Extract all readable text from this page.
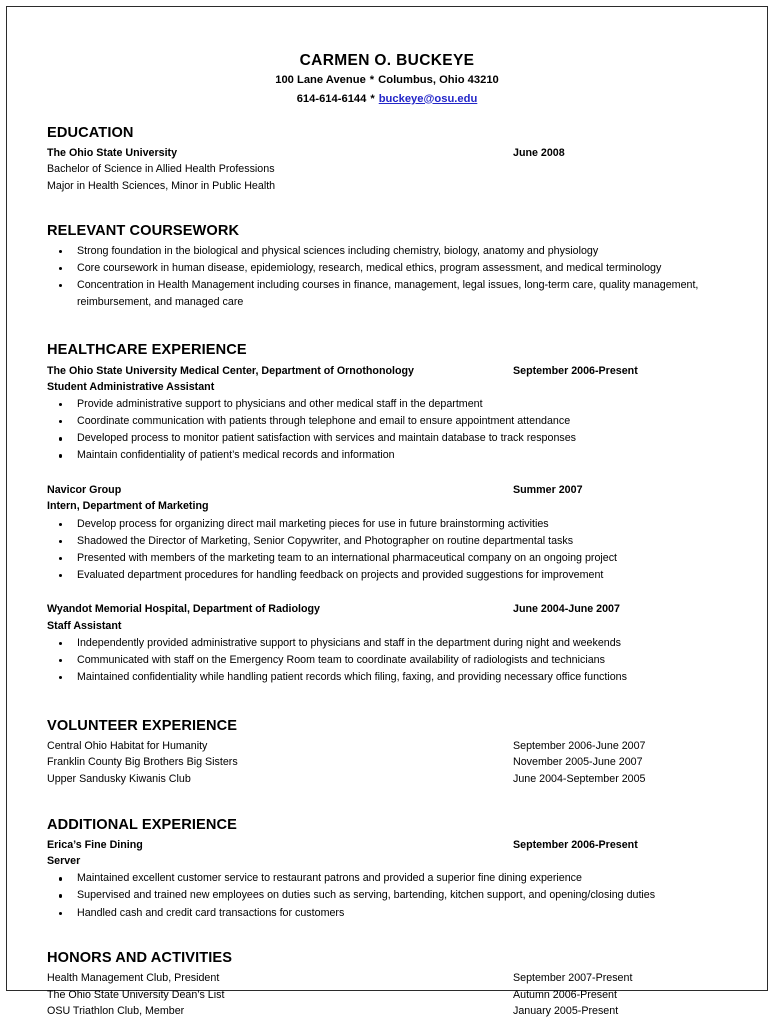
CARMEN O. BUCKEYE
100 Lane Avenue * Columbus, Ohio 43210
614-614-6144 * buckeye@osu.edu
EDUCATION
The Ohio State University	June 2008
Bachelor of Science in Allied Health Professions
Major in Health Sciences, Minor in Public Health
RELEVANT COURSEWORK
Strong foundation in the biological and physical sciences including chemistry, biology, anatomy and physiology
Core coursework in human disease, epidemiology, research, medical ethics, program assessment, and medical terminology
Concentration in Health Management including courses in finance, management, legal issues, long-term care, quality management, reimbursement, and managed care
HEALTHCARE EXPERIENCE
The Ohio State University Medical Center, Department of Ornothonology	September 2006-Present
Student Administrative Assistant
Provide administrative support to physicians and other medical staff in the department
Coordinate communication with patients through telephone and email to ensure appointment attendance
Developed process to monitor patient satisfaction with services and maintain database to track responses
Maintain confidentiality of patient’s medical records and information
Navicor Group	Summer 2007
Intern, Department of Marketing
Develop process for organizing direct mail marketing pieces for use in future brainstorming activities
Shadowed the Director of Marketing, Senior Copywriter, and Photographer on routine departmental tasks
Presented with members of the marketing team to an international pharmaceutical company on an ongoing project
Evaluated department procedures for handling feedback on projects and provided suggestions for improvement
Wyandot Memorial Hospital, Department of Radiology	June 2004-June 2007
Staff Assistant
Independently provided administrative support to physicians and staff in the department during night and weekends
Communicated with staff on the Emergency Room team to coordinate availability of radiologists and technicians
Maintained confidentiality while handling patient records which filing, faxing, and providing necessary office functions
VOLUNTEER EXPERIENCE
Central Ohio Habitat for Humanity	September 2006-June 2007
Franklin County Big Brothers Big Sisters	November 2005-June 2007
Upper Sandusky Kiwanis Club	June 2004-September 2005
ADDITIONAL EXPERIENCE
Erica’s Fine Dining	September 2006-Present
Server
Maintained excellent customer service to restaurant patrons and provided a superior fine dining experience
Supervised and trained new employees on duties such as serving, bartending, kitchen support, and opening/closing duties
Handled cash and credit card transactions for customers
HONORS AND ACTIVITIES
Health Management Club, President	September 2007-Present
The Ohio State University Dean’s List	Autumn 2006-Present
OSU Triathlon Club, Member	January 2005-Present
